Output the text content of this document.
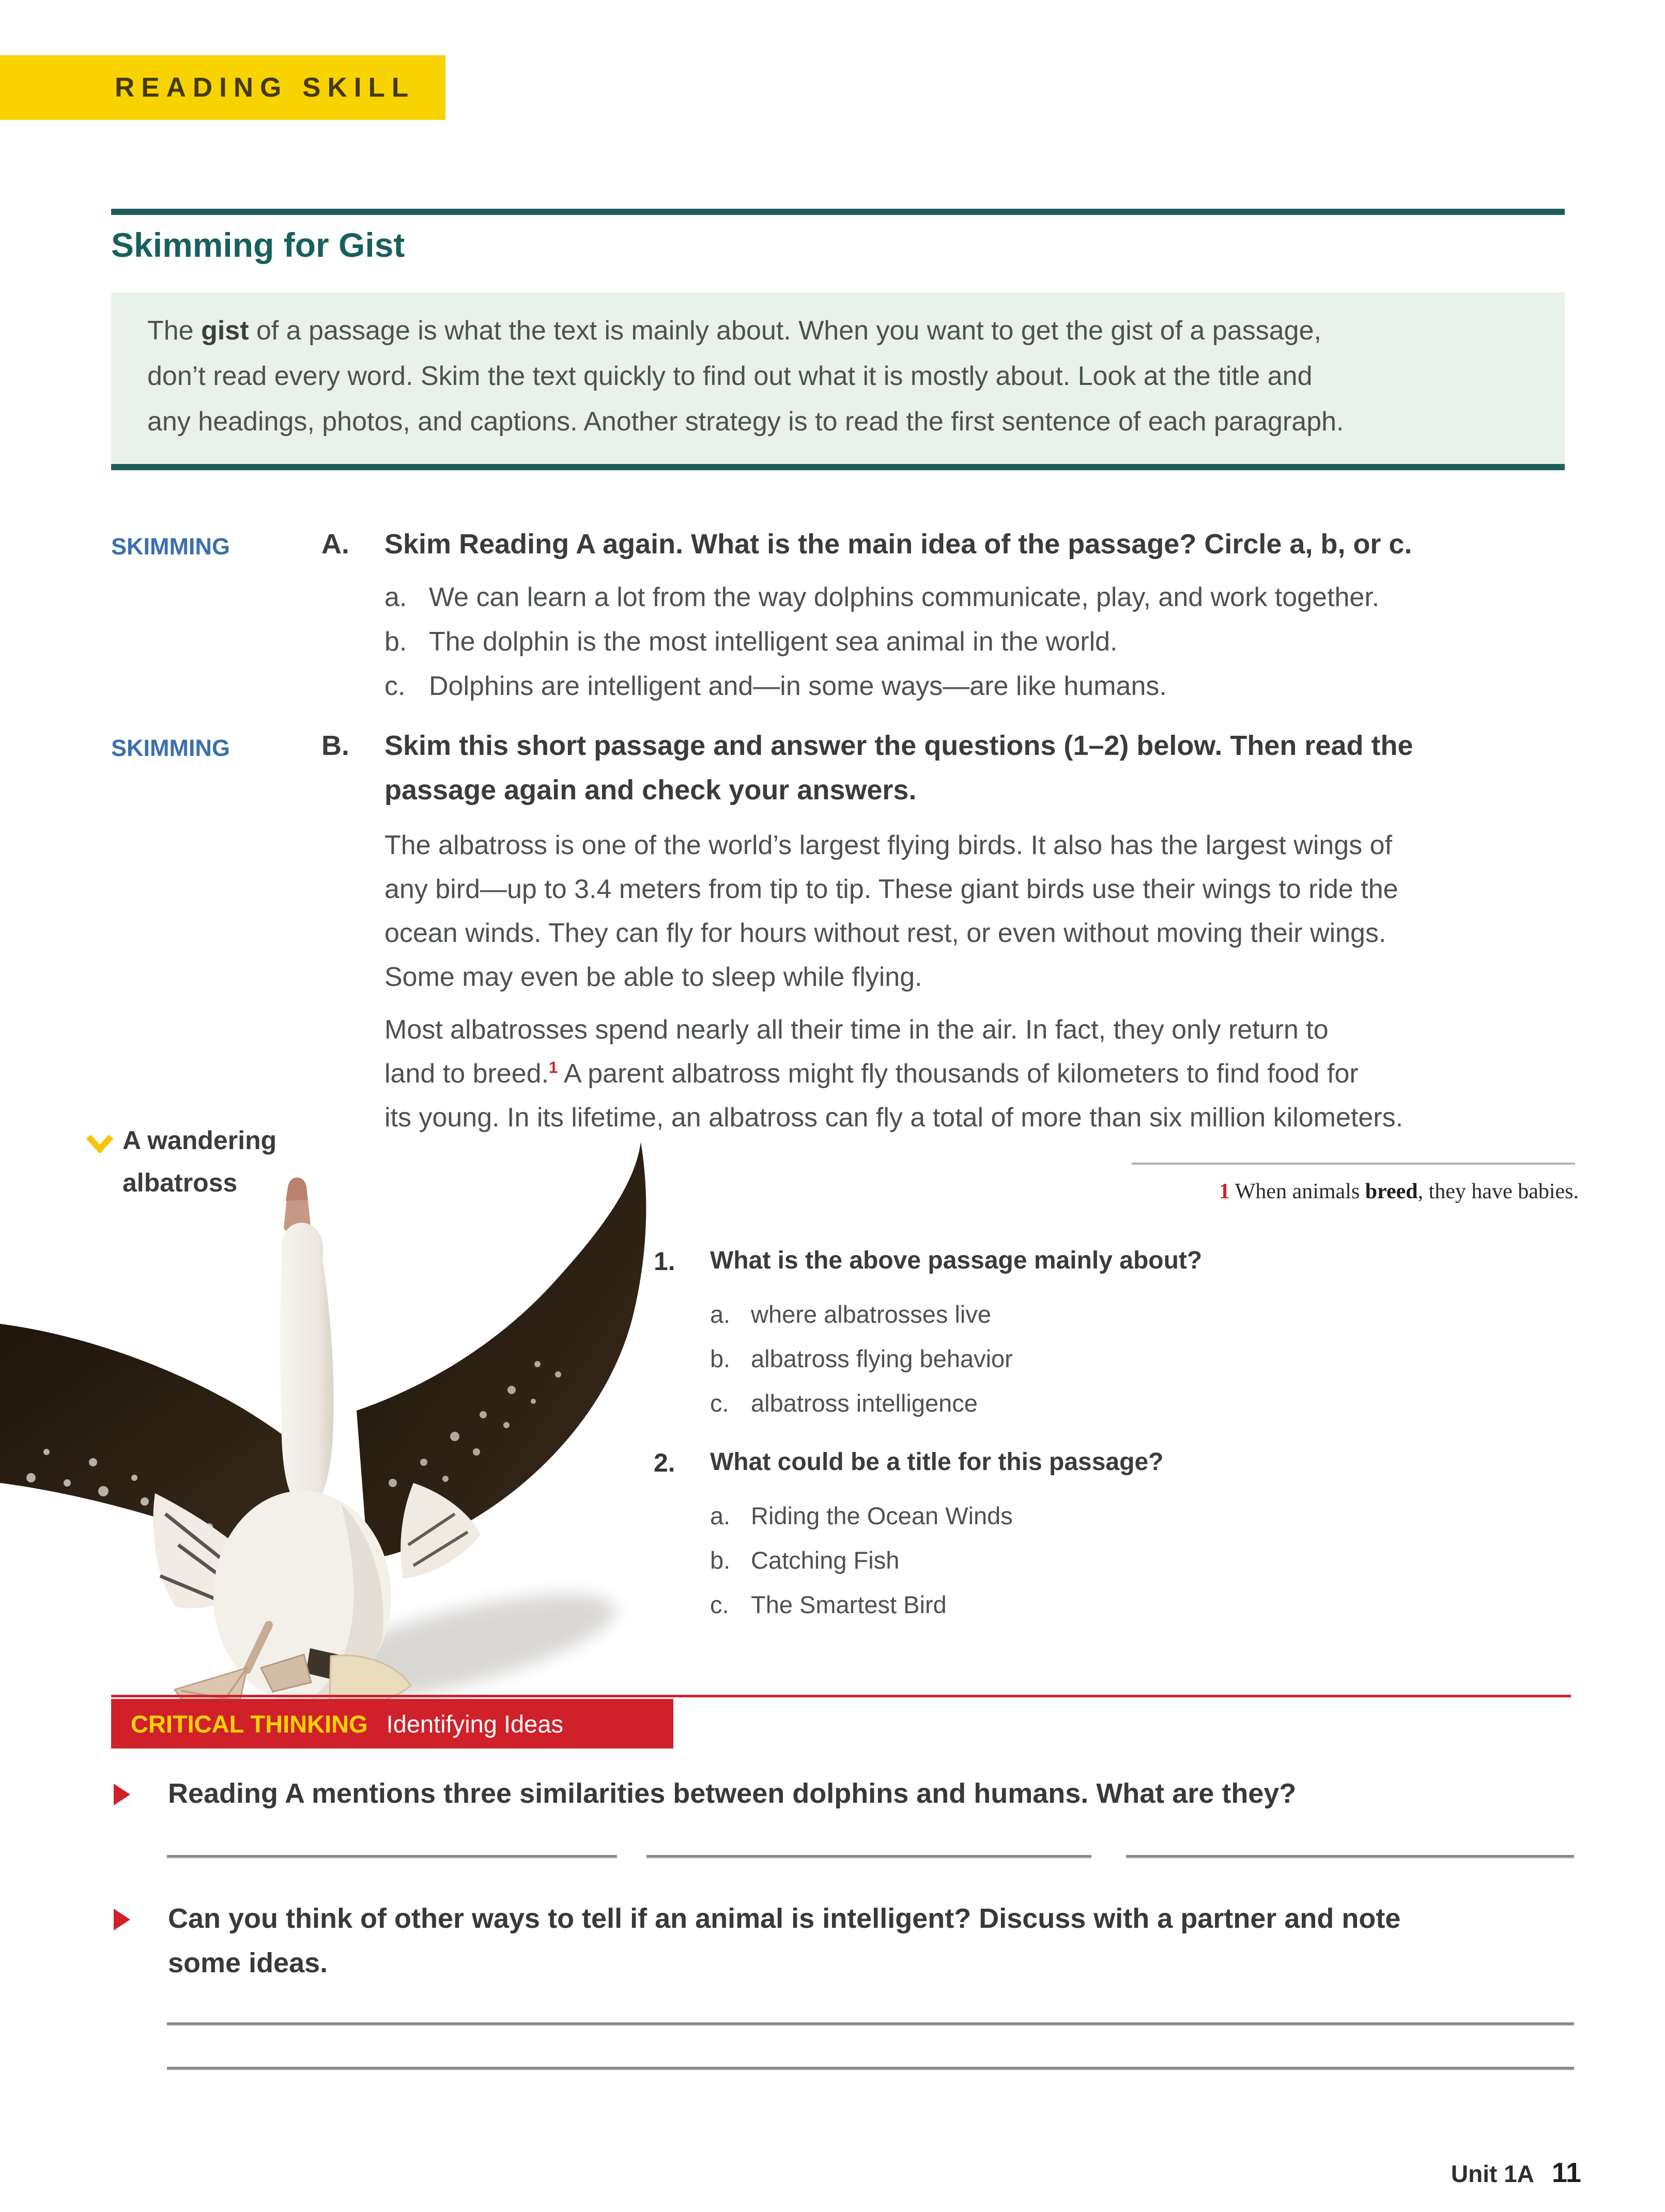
READING SKILL
Skimming for Gist
The gist of a passage is what the text is mainly about. When you want to get the gist of a passage,
don’t read every word. Skim the text quickly to find out what it is mostly about. Look at the title and
any headings, photos, and captions. Another strategy is to read the first sentence of each paragraph.
SKIMMING	A. Skim Reading A again. What is the main idea of the passage? Circle a, b, or c.
a. We can learn a lot from the way dolphins communicate, play, and work together.
b. The dolphin is the most intelligent sea animal in the world.
c. Dolphins are intelligent and—in some ways—are like humans.
SKIMMING	B. Skim this short passage and answer the questions (1–2) below. Then read the
passage again and check your answers.
The albatross is one of the world’s largest flying birds. It also has the largest wings of
any bird—up to 3.4 meters from tip to tip. These giant birds use their wings to ride the
ocean winds. They can fly for hours without rest, or even without moving their wings.
Some may even be able to sleep while flying.
Most albatrosses spend nearly all their time in the air. In fact, they only return to
land to breed.$^1$ A parent albatross might fly thousands of kilometers to find food for
its young. In its lifetime, an albatross can fly a total of more than six million kilometers.
A wandering
albatross	1 When animals breed, they have babies.
1. What is the above passage mainly about?
a. where albatrosses live
b. albatross flying behavior
c. albatross intelligence
2. What could be a title for this passage?
a. Riding the Ocean Winds
b. Catching Fish
c. The Smartest Bird
CRITICAL THINKING Identifying Ideas
Reading A mentions three similarities between dolphins and humans. What are they?
Can you think of other ways to tell if an animal is intelligent? Discuss with a partner and note
some ideas.
Unit 1A 11
